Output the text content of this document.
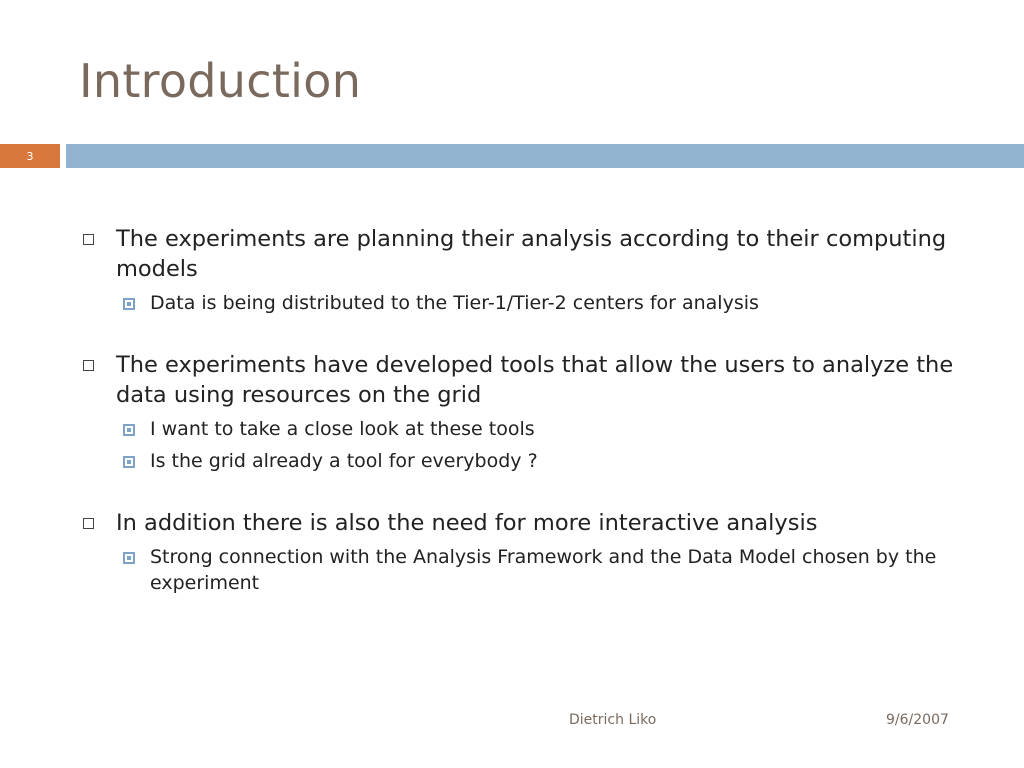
Introduction
3
The experiments are planning their analysis according to their computing models
Data is being distributed to the Tier-1/Tier-2 centers for analysis
The experiments have developed tools that allow the users to analyze the data using resources on the grid
I want to take a close look at these tools
Is the grid already a tool for everybody ?
In addition there is also the need for more interactive analysis
Strong connection with the Analysis Framework and the Data Model chosen by the experiment
Dietrich Liko	9/6/2007
